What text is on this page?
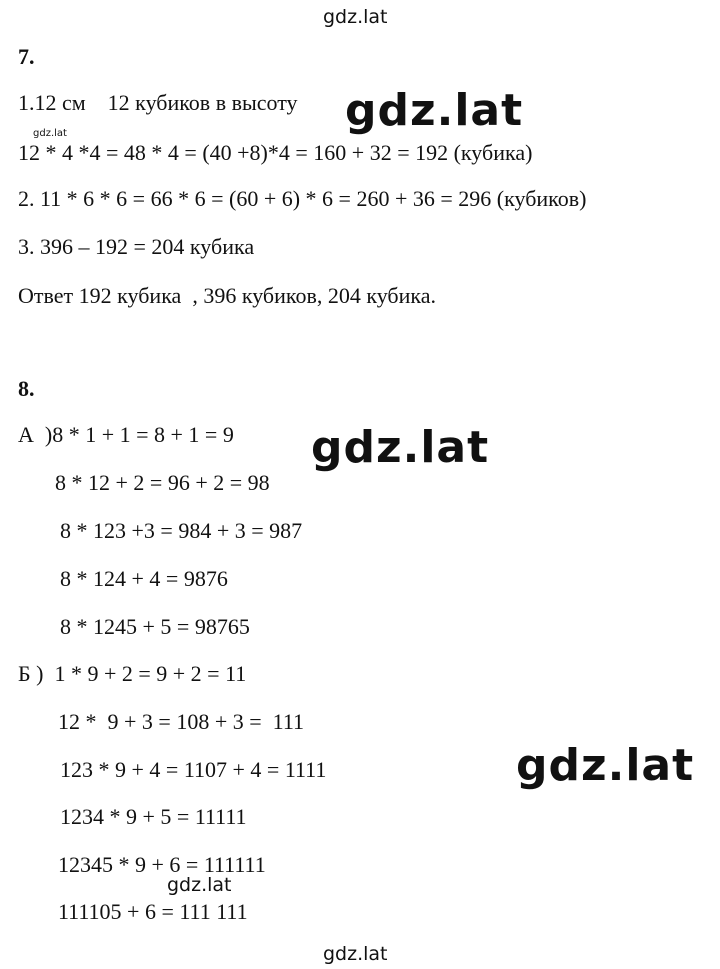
gdz.lat
gdz.lat	gdz.lat
gdz.lat
gdz.lat
gdz.lat
gdz.lat
7.
1.12 см    12 кубиков в высоту
12 * 4 *4 = 48 * 4 = (40 +8)*4 = 160 + 32 = 192 (кубика)
2. 11 * 6 * 6 = 66 * 6 = (60 + 6) * 6 = 260 + 36 = 296 (кубиков)
3. 396 – 192 = 204 кубика
Ответ 192 кубика  , 396 кубиков, 204 кубика.
8.
А  )8 * 1 + 1 = 8 + 1 = 9
8 * 12 + 2 = 96 + 2 = 98
8 * 123 +3 = 984 + 3 = 987
8 * 124 + 4 = 9876
8 * 1245 + 5 = 98765
Б )  1 * 9 + 2 = 9 + 2 = 11
12 *  9 + 3 = 108 + 3 =  111
123 * 9 + 4 = 1107 + 4 = 1111
1234 * 9 + 5 = 11111
12345 * 9 + 6 = 111111
111105 + 6 = 111 111
